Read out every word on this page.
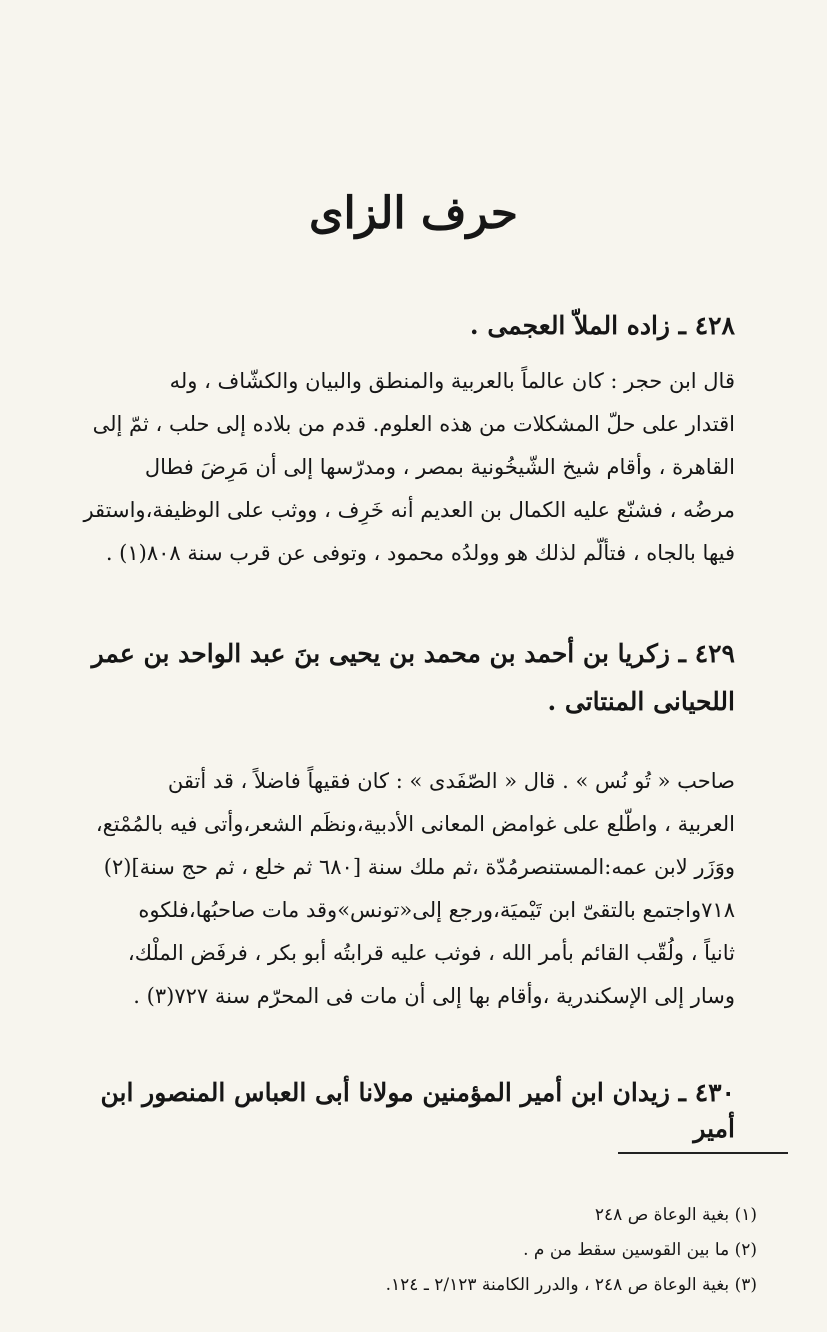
حرف الزاى
٤٢٨ ـ زاده الملاّ العجمى .

قال ابن حجر : كان عالماً بالعربية والمنطق والبيان والكشّاف ، وله

اقتدار على حلّ المشكلات من هذه العلوم. قدم من بلاده إلى حلب ، ثمّ إلى

القاهرة ، وأقام شيخ الشّيخُونية بمصر ، ومدرّسها إلى أن مَرِضَ فطال

مرضُه ، فشنّع عليه الكمال بن العديم أنه خَرِف ، ووثب على الوظيفة،واستقر

فيها بالجاه ، فتألّم لذلك هو وولدُه محمود ، وتوفى عن قرب سنة ٨٠٨(١) .

٤٢٩ ـ زكريا بن أحمد بن محمد بن يحيى بنَ عبد الواحد بن عمر
اللحيانى المنتاتى .

صاحب « تُو نُس » . قال « الصّفَدى » : كان فقيهاً فاضلاً ، قد أتقن

العربية ، واطّلع على غوامض المعانى الأدبية،ونظَم الشعر،وأتى فيه بالمُمْتع،

ووَزَر لابن عمه:المستنصرمُدّة ،ثم ملك سنة [٦٨٠ ثم خلع ، ثم حج سنة](٢)

٧١٨واجتمع بالتقىّ ابن تَيْميَة،ورجع إلى«تونس»وقد مات صاحبُها،فلكوه

ثانياً ، ولُقّب القائم بأمر الله ، فوثب عليه قرابتُه أبو بكر ، فرفَض الملْك،

وسار إلى الإسكندرية ،وأقام بها إلى أن مات فى المحرّم سنة ٧٢٧(٣) .

٤٣٠ ـ زيدان ابن أمير المؤمنين مولانا أبى العباس المنصور ابن أمير
(١) بغية الوعاة ص ٢٤٨
(٢) ما بين القوسين سقط من م .
(٣) بغية الوعاة ص ٢٤٨ ، والدرر الكامنة ٢/١٢٣ ـ ١٢٤.
